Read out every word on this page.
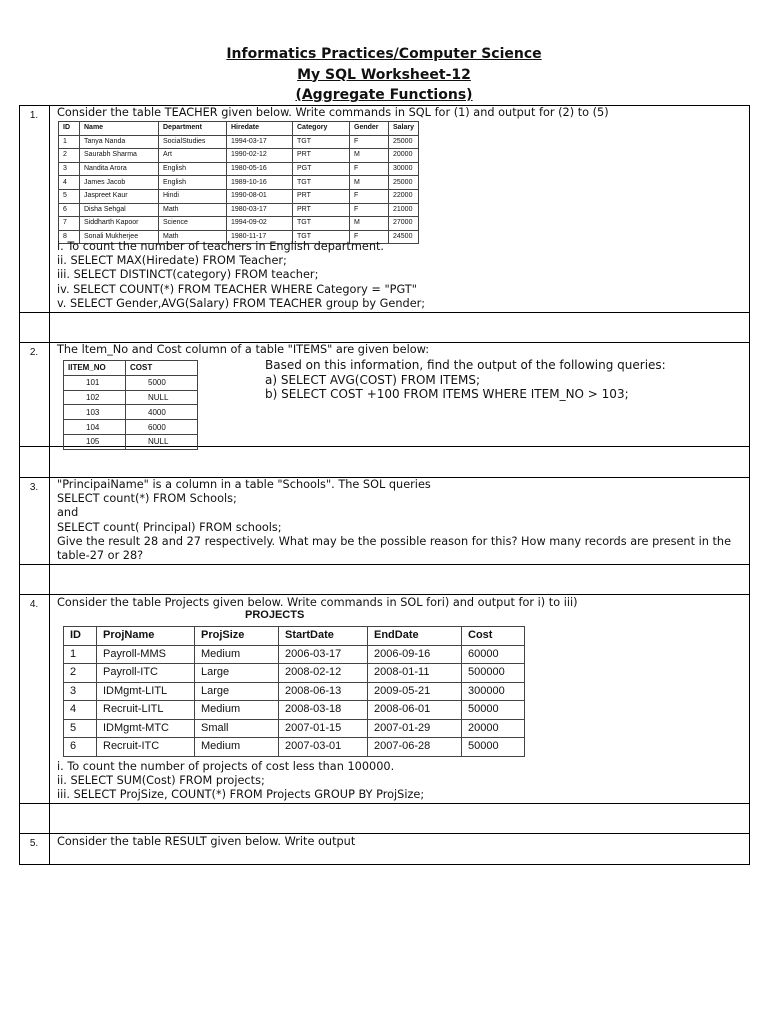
Informatics Practices/Computer Science
My SQL Worksheet-12
(Aggregate Functions)
1.	Consider the table TEACHER given below. Write commands in SQL for (1) and output for (2) to (5)
ID	Name	Department	Hiredate	Category	Gender	Salary
1	Tanya Nanda	SocialStudies	1994-03-17	TGT	F	25000
2	Saurabh Sharma	Art	1990-02-12	PRT	M	20000
3	Nandita Arora	English	1980-05-16	PGT	F	30000
4	James Jacob	English	1989-10-16	TGT	M	25000
5	Jaspreet Kaur	Hindi	1990-08-01	PRT	F	22000
6	Disha Sehgal	Math	1980-03-17	PRT	F	21000
7	Siddharth Kapoor	Science	1994-09-02	TGT	M	27000
8	Sonali Mukherjee	Math	1980-11-17	TGT	F	24500
i. To count the number of teachers in English department.
ii. SELECT MAX(Hiredate) FROM Teacher;
iii. SELECT DISTINCT(category) FROM teacher;
iv. SELECT COUNT(*) FROM TEACHER WHERE Category = "PGT"
v. SELECT Gender,AVG(Salary) FROM TEACHER group by Gender;
2.	The ltem_No and Cost column of a table "ITEMS" are given below:
IITEM_NO	COST
101	5000
102	NULL
103	4000
104	6000
105	NULL
Based on this information, find the output of the following queries:
a) SELECT AVG(COST) FROM ITEMS;
b) SELECT COST +100 FROM ITEMS WHERE ITEM_NO > 103;
3.	"PrincipaiName" is a column in a table "Schools". The SOL queries
SELECT count(*) FROM Schools;
and
SELECT count( Principal) FROM schools;
Give the result 28 and 27 respectively. What may be the possible reason for this? How many records are present in the table-27 or 28?
4.	Consider the table Projects given below. Write commands in SOL fori) and output for i) to iii)
PROJECTS
ID	ProjName	ProjSize	StartDate	EndDate	Cost
1	Payroll-MMS	Medium	2006-03-17	2006-09-16	60000
2	Payroll-ITC	Large	2008-02-12	2008-01-11	500000
3	IDMgmt-LITL	Large	2008-06-13	2009-05-21	300000
4	Recruit-LITL	Medium	2008-03-18	2008-06-01	50000
5	IDMgmt-MTC	Small	2007-01-15	2007-01-29	20000
6	Recruit-ITC	Medium	2007-03-01	2007-06-28	50000
i. To count the number of projects of cost less than 100000.
ii. SELECT SUM(Cost) FROM projects;
iii. SELECT ProjSize, COUNT(*) FROM Projects GROUP BY ProjSize;
5.	Consider the table RESULT given below. Write output
